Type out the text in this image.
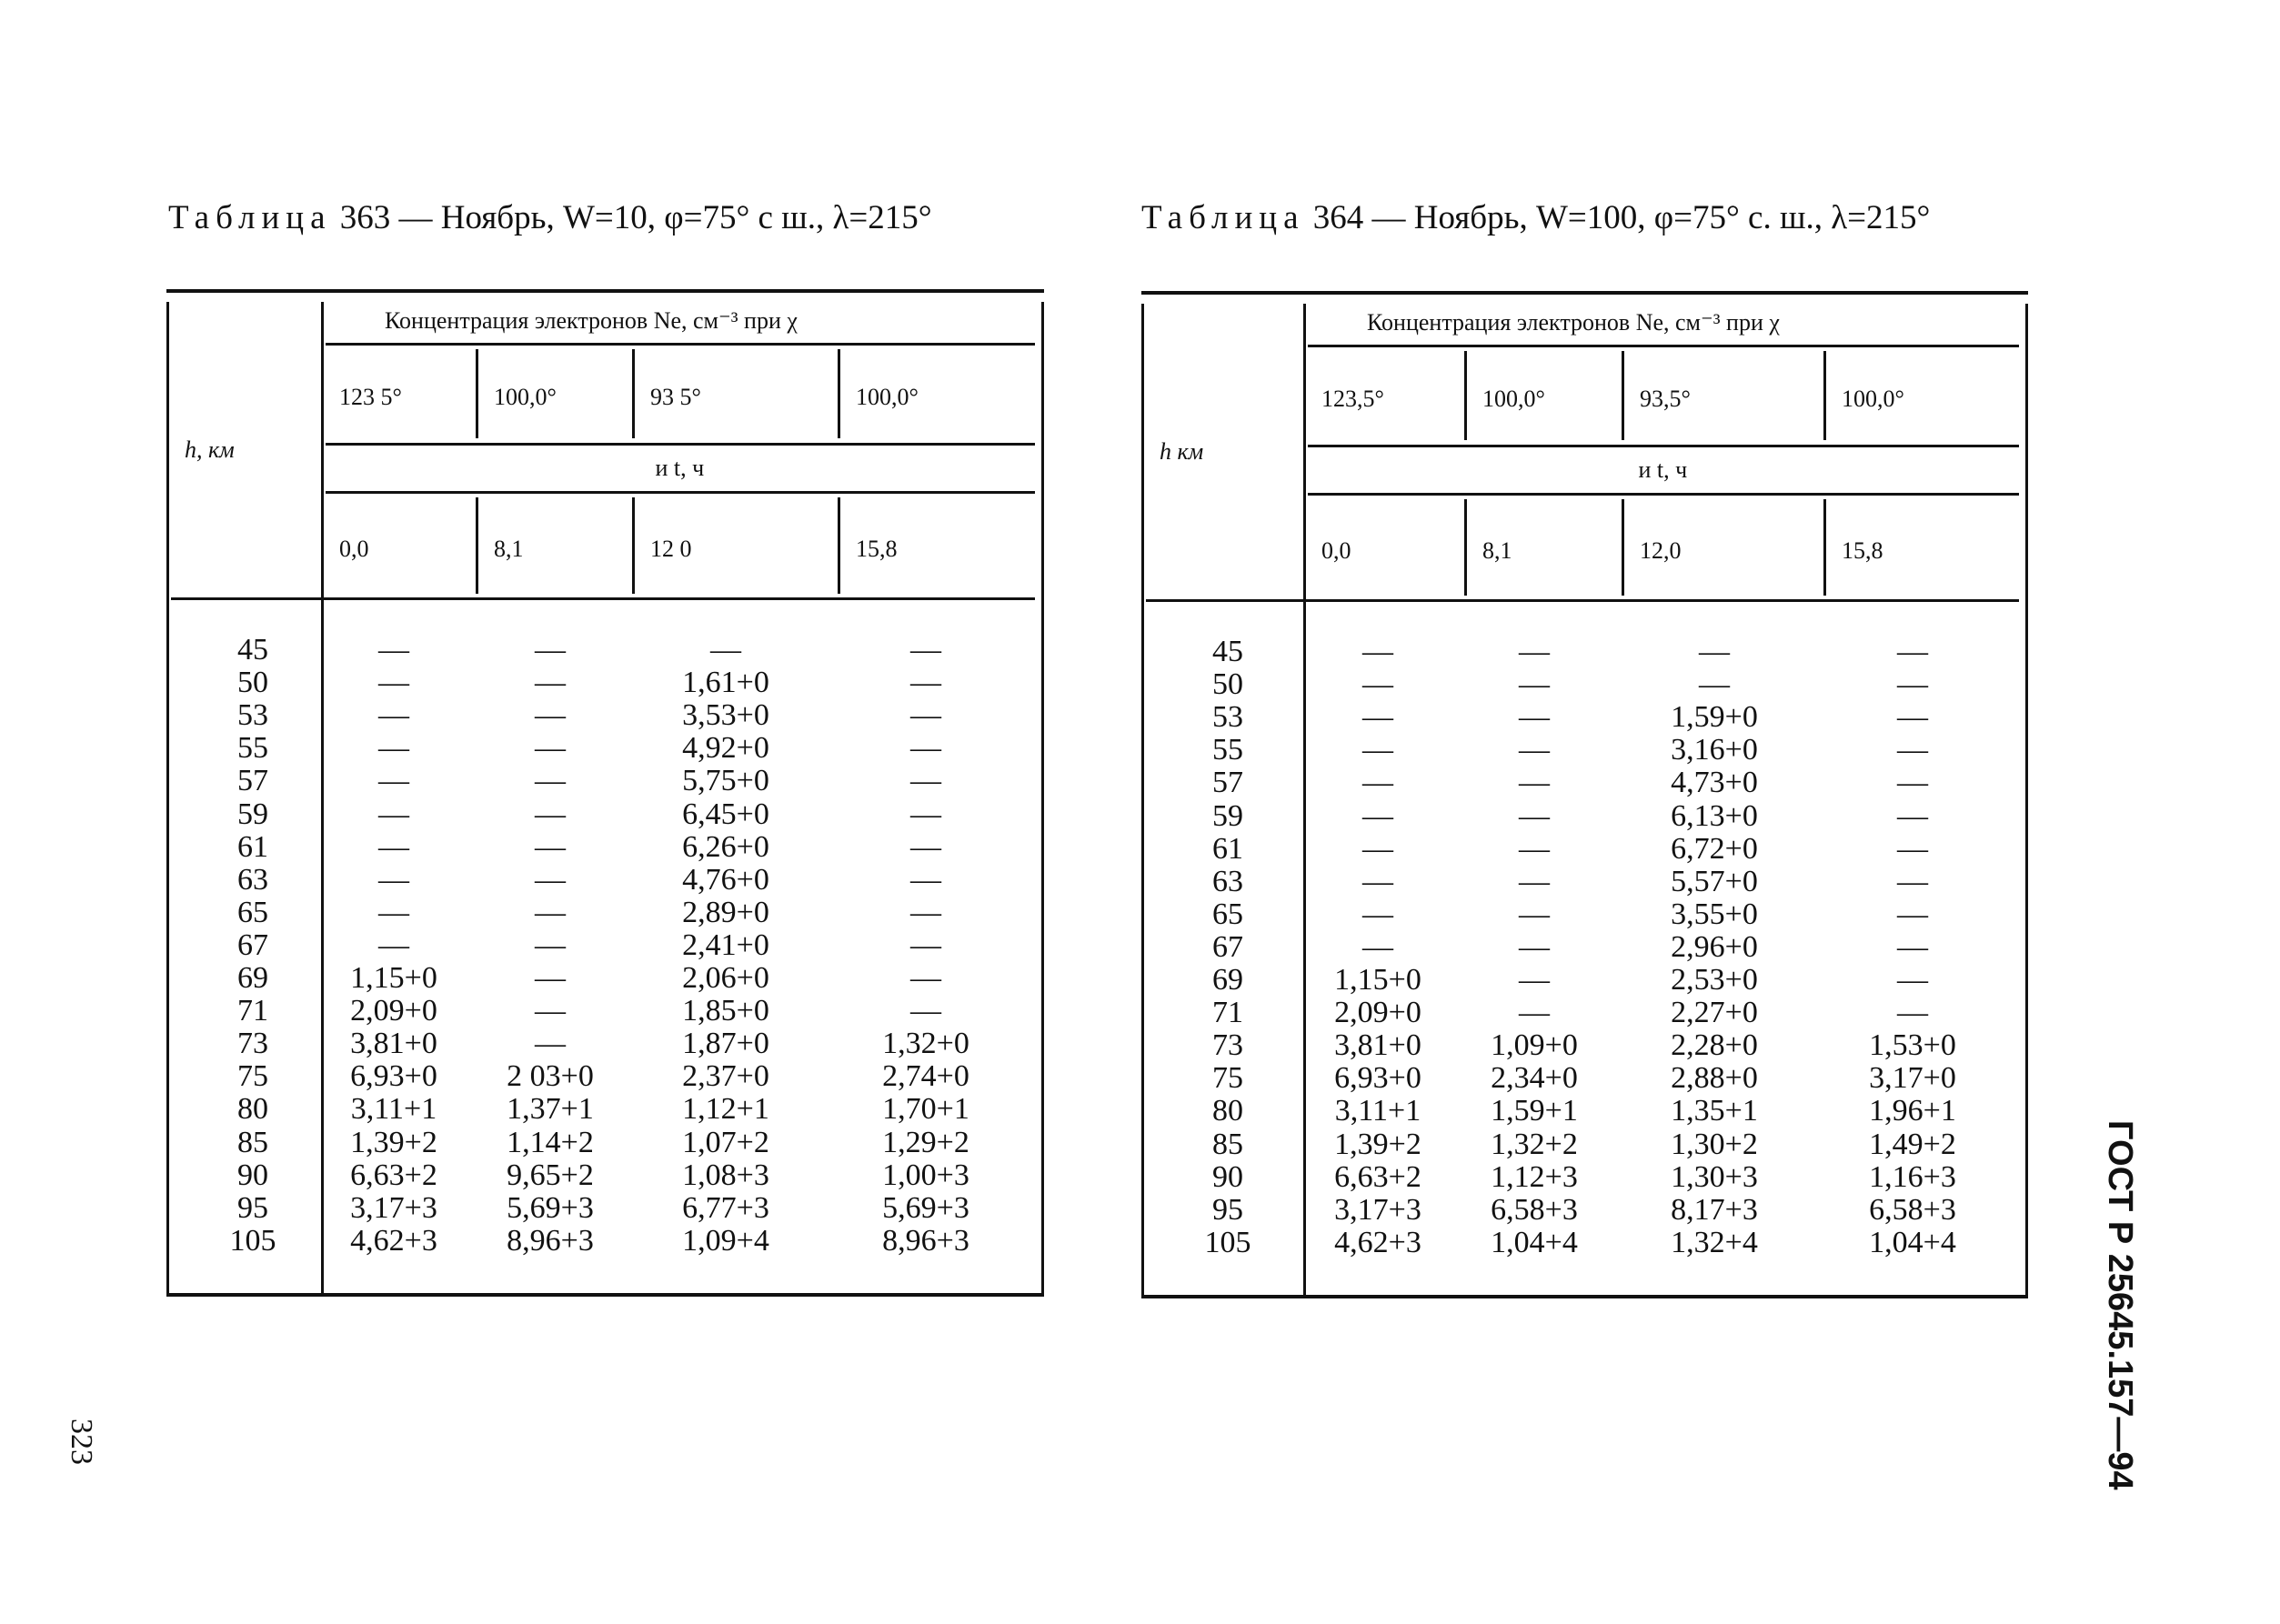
Таблица 363 — Ноябрь, W=10, φ=75° с ш., λ=215°	Таблица 364 — Ноябрь, W=100, φ=75° с. ш., λ=215°
Концентрация электронов Ne, см⁻³ при χ
и t, ч
h, км
123 5°	100,0°	93 5°	100,0°
0,0	8,1	12 0	15,8
45	—	—	—	—
50	—	—	1,61+0	—
53	—	—	3,53+0	—
55	—	—	4,92+0	—
57	—	—	5,75+0	—
59	—	—	6,45+0	—
61	—	—	6,26+0	—
63	—	—	4,76+0	—
65	—	—	2,89+0	—
67	—	—	2,41+0	—
69	1,15+0	—	2,06+0	—
71	2,09+0	—	1,85+0	—
73	3,81+0	—	1,87+0	1,32+0
75	6,93+0	2 03+0	2,37+0	2,74+0
80	3,11+1	1,37+1	1,12+1	1,70+1
85	1,39+2	1,14+2	1,07+2	1,29+2
90	6,63+2	9,65+2	1,08+3	1,00+3
95	3,17+3	5,69+3	6,77+3	5,69+3
105	4,62+3	8,96+3	1,09+4	8,96+3
Концентрация электронов Ne, см⁻³ при χ
и t, ч
h км
123,5°	100,0°	93,5°	100,0°
0,0	8,1	12,0	15,8
45	—	—	—	—
50	—	—	—	—
53	—	—	1,59+0	—
55	—	—	3,16+0	—
57	—	—	4,73+0	—
59	—	—	6,13+0	—
61	—	—	6,72+0	—
63	—	—	5,57+0	—
65	—	—	3,55+0	—
67	—	—	2,96+0	—
69	1,15+0	—	2,53+0	—
71	2,09+0	—	2,27+0	—
73	3,81+0	1,09+0	2,28+0	1,53+0
75	6,93+0	2,34+0	2,88+0	3,17+0
80	3,11+1	1,59+1	1,35+1	1,96+1
85	1,39+2	1,32+2	1,30+2	1,49+2
90	6,63+2	1,12+3	1,30+3	1,16+3
95	3,17+3	6,58+3	8,17+3	6,58+3
105	4,62+3	1,04+4	1,32+4	1,04+4
323	ГОСТ Р 25645.157—94
